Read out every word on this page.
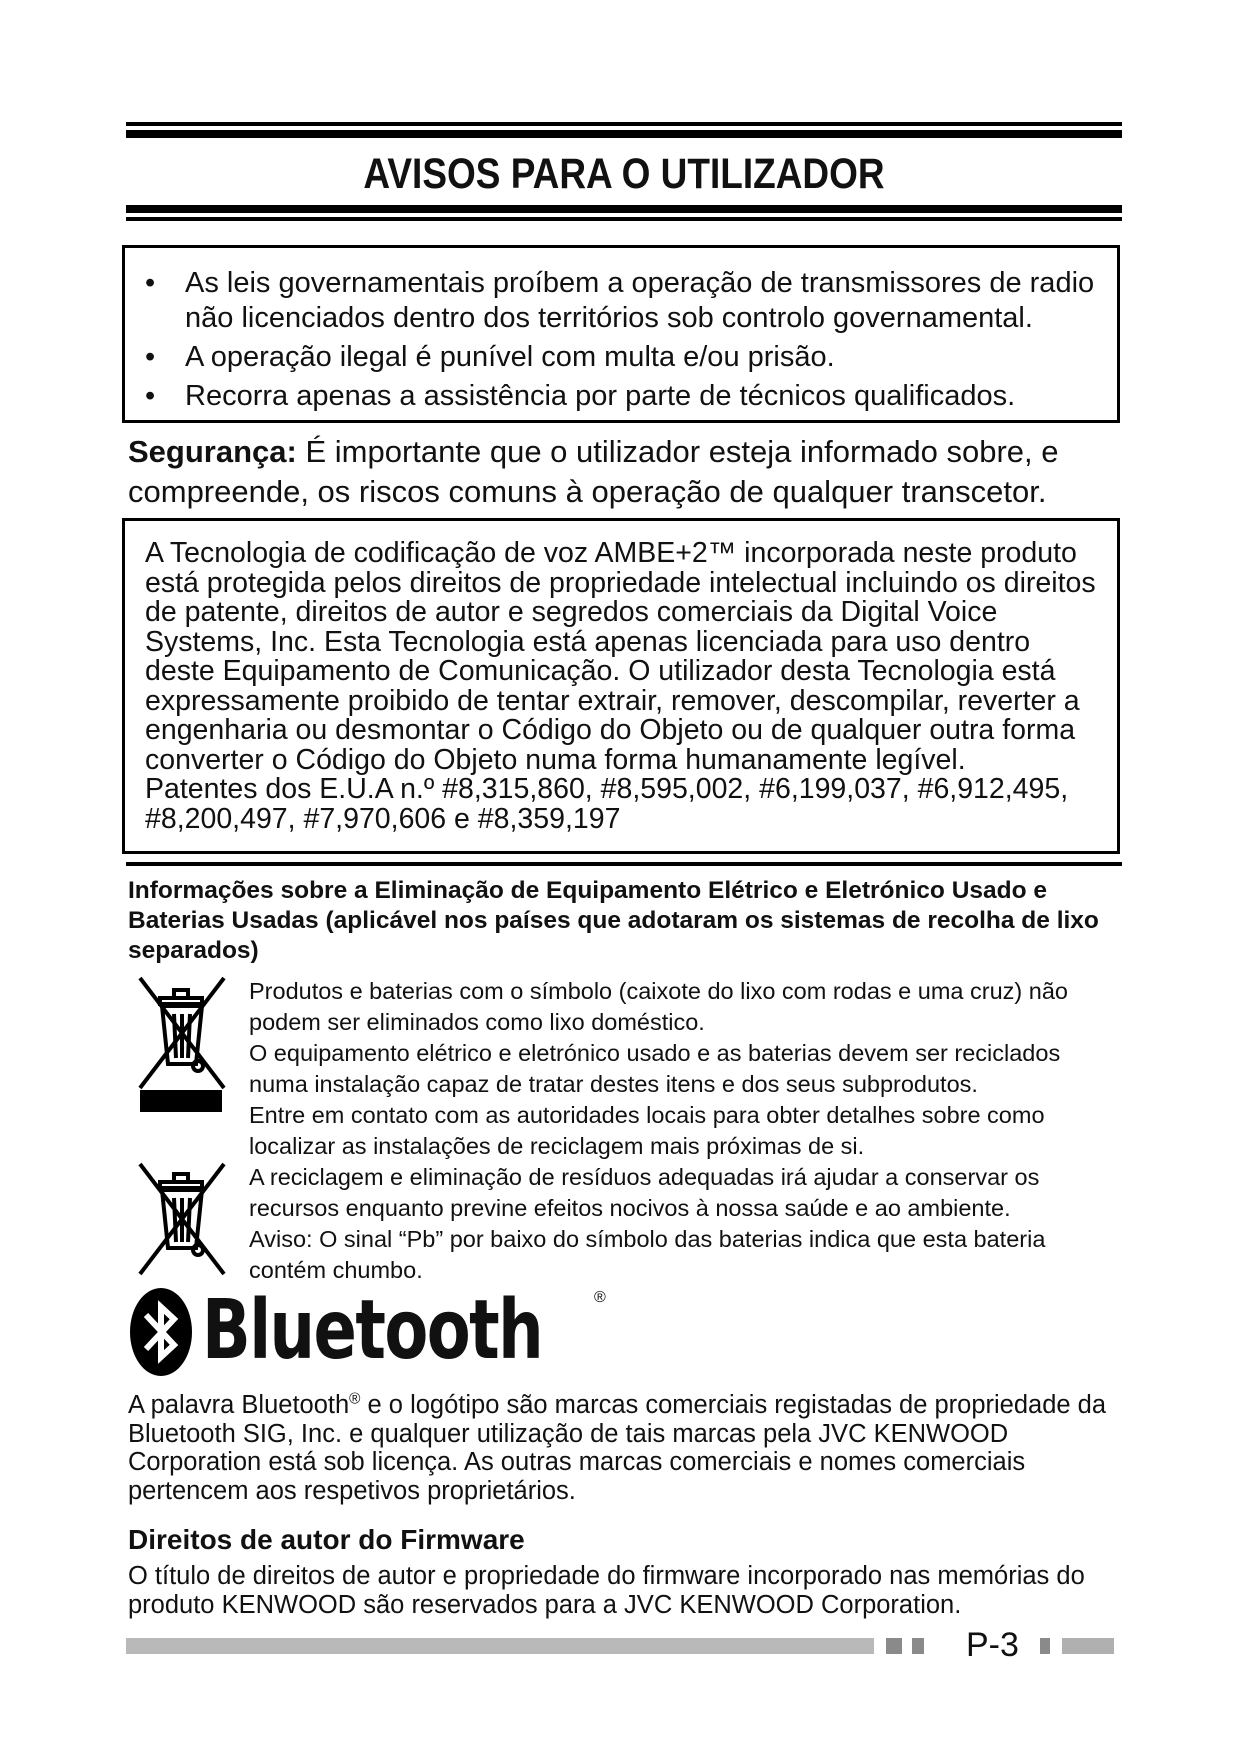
AVISOS PARA O UTILIZADOR
• As leis governamentais proíbem a operação de transmissores de radio não licenciados dentro dos territórios sob controlo governamental.
• A operação ilegal é punível com multa e/ou prisão.
• Recorra apenas a assistência por parte de técnicos qualificados.
Segurança: É importante que o utilizador esteja informado sobre, e compreende, os riscos comuns à operação de qualquer transcetor.
A Tecnologia de codificação de voz AMBE+2™ incorporada neste produto
está protegida pelos direitos de propriedade intelectual incluindo os direitos
de patente, direitos de autor e segredos comerciais da Digital Voice
Systems, Inc. Esta Tecnologia está apenas licenciada para uso dentro
deste Equipamento de Comunicação. O utilizador desta Tecnologia está
expressamente proibido de tentar extrair, remover, descompilar, reverter a
engenharia ou desmontar o Código do Objeto ou de qualquer outra forma
converter o Código do Objeto numa forma humanamente legível.
Patentes dos E.U.A n.º #8,315,860, #8,595,002, #6,199,037, #6,912,495,
#8,200,497, #7,970,606 e #8,359,197
Informações sobre a Eliminação de Equipamento Elétrico e Eletrónico Usado e Baterias Usadas (aplicável nos países que adotaram os sistemas de recolha de lixo separados)
Produtos e baterias com o símbolo (caixote do lixo com rodas e uma cruz) não
podem ser eliminados como lixo doméstico.
O equipamento elétrico e eletrónico usado e as baterias devem ser reciclados
numa instalação capaz de tratar destes itens e dos seus subprodutos.
Entre em contato com as autoridades locais para obter detalhes sobre como
localizar as instalações de reciclagem mais próximas de si.
A reciclagem e eliminação de resíduos adequadas irá ajudar a conservar os
recursos enquanto previne efeitos nocivos à nossa saúde e ao ambiente.
Aviso: O sinal “Pb” por baixo do símbolo das baterias indica que esta bateria
contém chumbo.
Bluetooth	®
A palavra Bluetooth® e o logótipo são marcas comerciais registadas de propriedade da Bluetooth SIG, Inc. e qualquer utilização de tais marcas pela JVC KENWOOD Corporation está sob licença. As outras marcas comerciais e nomes comerciais pertencem aos respetivos proprietários.
Direitos de autor do Firmware
O título de direitos de autor e propriedade do firmware incorporado nas memórias do produto KENWOOD são reservados para a JVC KENWOOD Corporation.
P-3
